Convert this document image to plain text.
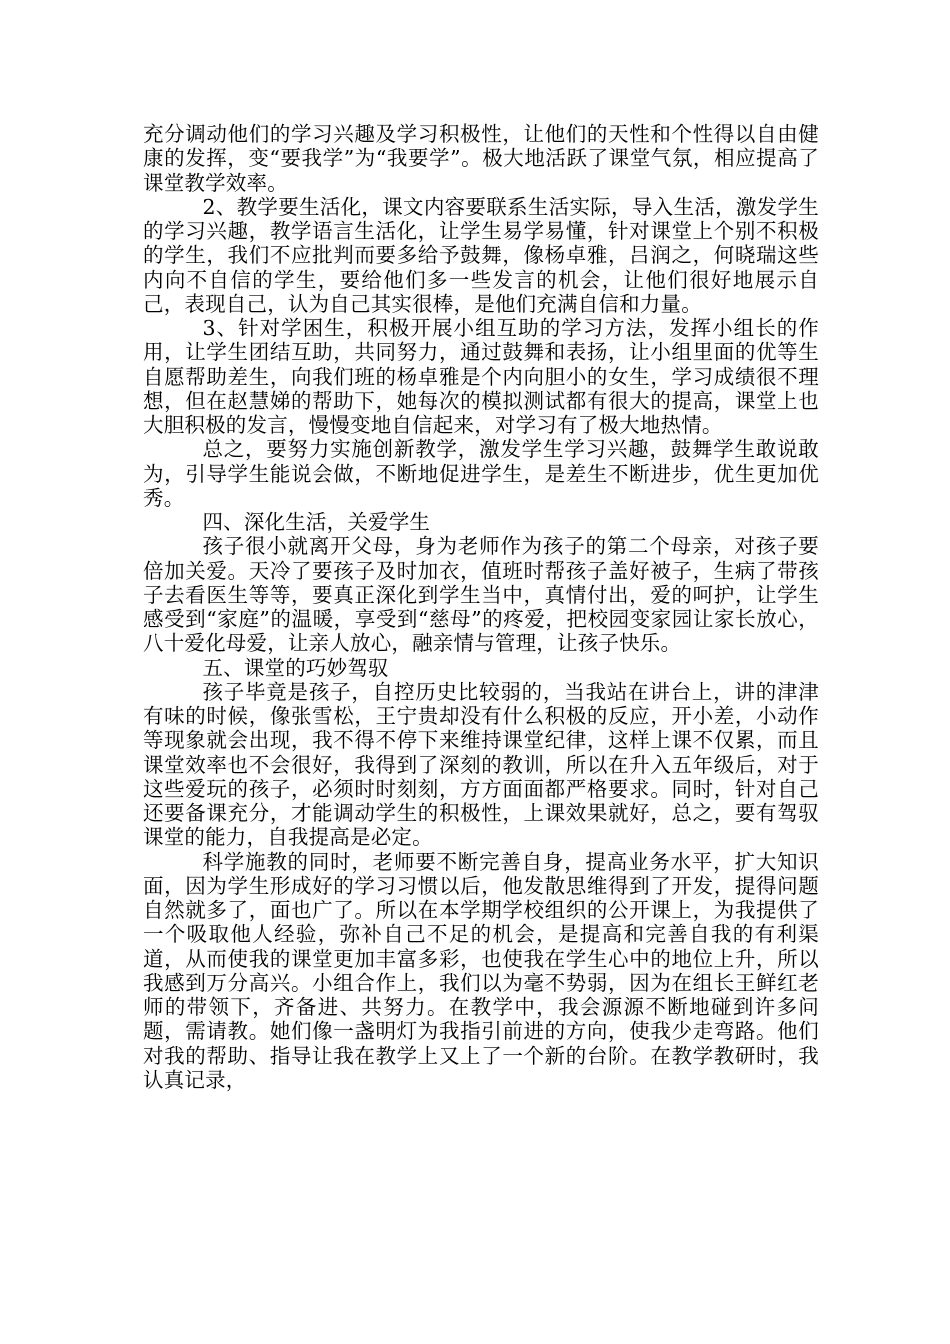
充分调动他们的学习兴趣及学习积极性，让他们的天性和个性得以自由健康的发挥，变“要我学”为“我要学”。极大地活跃了课堂气氛，相应提高了课堂教学效率。

2、教学要生活化，课文内容要联系生活实际，导入生活，激发学生的学习兴趣，教学语言生活化，让学生易学易懂，针对课堂上个别不积极的学生，我们不应批判而要多给予鼓舞，像杨卓雅，吕润之，何晓瑞这些内向不自信的学生，要给他们多一些发言的机会，让他们很好地展示自己，表现自己，认为自己其实很棒，是他们充满自信和力量。

3、针对学困生，积极开展小组互助的学习方法，发挥小组长的作用，让学生团结互助，共同努力，通过鼓舞和表扬，让小组里面的优等生自愿帮助差生，向我们班的杨卓雅是个内向胆小的女生，学习成绩很不理想，但在赵慧娣的帮助下，她每次的模拟测试都有很大的提高，课堂上也大胆积极的发言，慢慢变地自信起来，对学习有了极大地热情。

总之，要努力实施创新教学，激发学生学习兴趣，鼓舞学生敢说敢为，引导学生能说会做，不断地促进学生，是差生不断进步，优生更加优秀。

四、深化生活，关爱学生

孩子很小就离开父母，身为老师作为孩子的第二个母亲，对孩子要倍加关爱。天冷了要孩子及时加衣，值班时帮孩子盖好被子，生病了带孩子去看医生等等，要真正深化到学生当中，真情付出，爱的呵护，让学生感受到“家庭”的温暖，享受到“慈母”的疼爱，把校园变家园让家长放心，八十爱化母爱，让亲人放心，融亲情与管理，让孩子快乐。

五、课堂的巧妙驾驭

孩子毕竟是孩子，自控历史比较弱的，当我站在讲台上，讲的津津有味的时候，像张雪松，王宁贵却没有什么积极的反应，开小差，小动作等现象就会出现，我不得不停下来维持课堂纪律，这样上课不仅累，而且课堂效率也不会很好，我得到了深刻的教训，所以在升入五年级后，对于这些爱玩的孩子，必须时时刻刻，方方面面都严格要求。同时，针对自己还要备课充分，才能调动学生的积极性，上课效果就好，总之，要有驾驭课堂的能力，自我提高是必定。

科学施教的同时，老师要不断完善自身，提高业务水平，扩大知识面，因为学生形成好的学习习惯以后，他发散思维得到了开发，提得问题自然就多了，面也广了。所以在本学期学校组织的公开课上，为我提供了一个吸取他人经验，弥补自己不足的机会，是提高和完善自我的有利渠道，从而使我的课堂更加丰富多彩，也使我在学生心中的地位上升，所以我感到万分高兴。小组合作上，我们以为毫不势弱，因为在组长王鲜红老师的带领下，齐备进、共努力。在教学中，我会源源不断地碰到许多问题，需请教。她们像一盏明灯为我指引前进的方向，使我少走弯路。他们对我的帮助、指导让我在教学上又上了一个新的台阶。在教学教研时，我认真记录，
